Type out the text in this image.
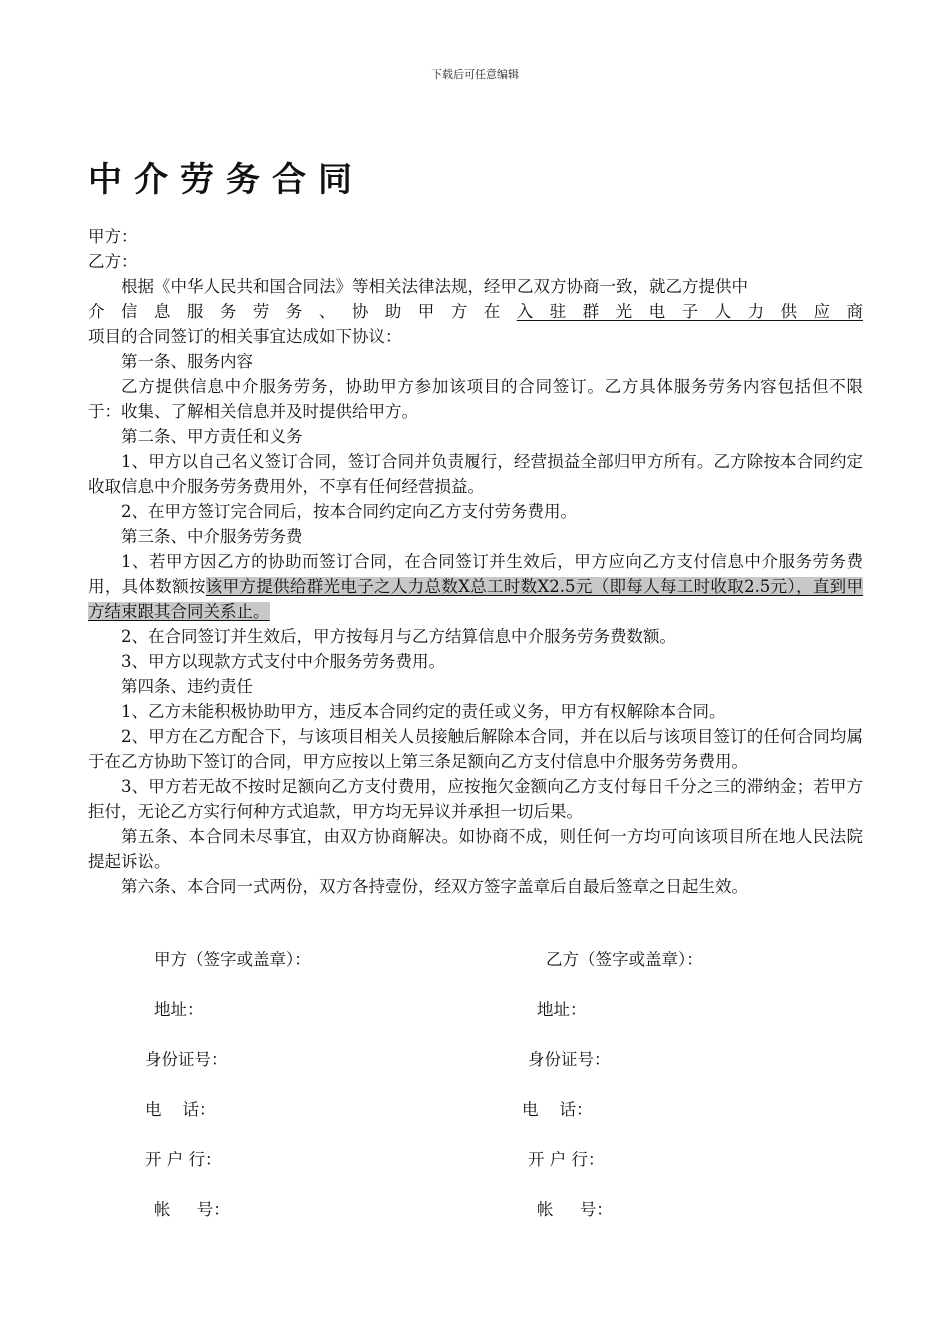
下载后可任意编辑
中介劳务合同

甲方：

乙方：

根据《中华人民共和国合同法》等相关法律法规，经甲乙双方协商一致，就乙方提供中

介信息服务劳务、协助甲方在入驻群光电子人力供应商

项目的合同签订的相关事宜达成如下协议：

第一条、服务内容

乙方提供信息中介服务劳务，协助甲方参加该项目的合同签订。乙方具体服务劳务内容包括但不限于：收集、了解相关信息并及时提供给甲方。

第二条、甲方责任和义务

1、甲方以自己名义签订合同，签订合同并负责履行，经营损益全部归甲方所有。乙方除按本合同约定收取信息中介服务劳务费用外，不享有任何经营损益。

2、在甲方签订完合同后，按本合同约定向乙方支付劳务费用。

第三条、中介服务劳务费

1、若甲方因乙方的协助而签订合同，在合同签订并生效后，甲方应向乙方支付信息中介服务劳务费用，具体数额按该甲方提供给群光电子之人力总数X总工时数X2.5元（即每人每工时收取2.5元），直到甲方结束跟其合同关系止。

2、在合同签订并生效后，甲方按每月与乙方结算信息中介服务劳务费数额。

3、甲方以现款方式支付中介服务劳务费用。

第四条、违约责任

1、乙方未能积极协助甲方，违反本合同约定的责任或义务，甲方有权解除本合同。

2、甲方在乙方配合下，与该项目相关人员接触后解除本合同，并在以后与该项目签订的任何合同均属于在乙方协助下签订的合同，甲方应按以上第三条足额向乙方支付信息中介服务劳务费用。

3、甲方若无故不按时足额向乙方支付费用，应按拖欠金额向乙方支付每日千分之三的滞纳金；若甲方拒付，无论乙方实行何种方式追款，甲方均无异议并承担一切后果。

第五条、本合同未尽事宜，由双方协商解决。如协商不成，则任何一方均可向该项目所在地人民法院提起诉讼。

第六条、本合同一式两份，双方各持壹份，经双方签字盖章后自最后签章之日起生效。

甲方（签字或盖章）：	乙方（签字或盖章）：
地址：	地址：
身份证号：	身份证号：
电    话：	电    话：
开 户 行：	开 户 行：
帐     号：	帐     号：
